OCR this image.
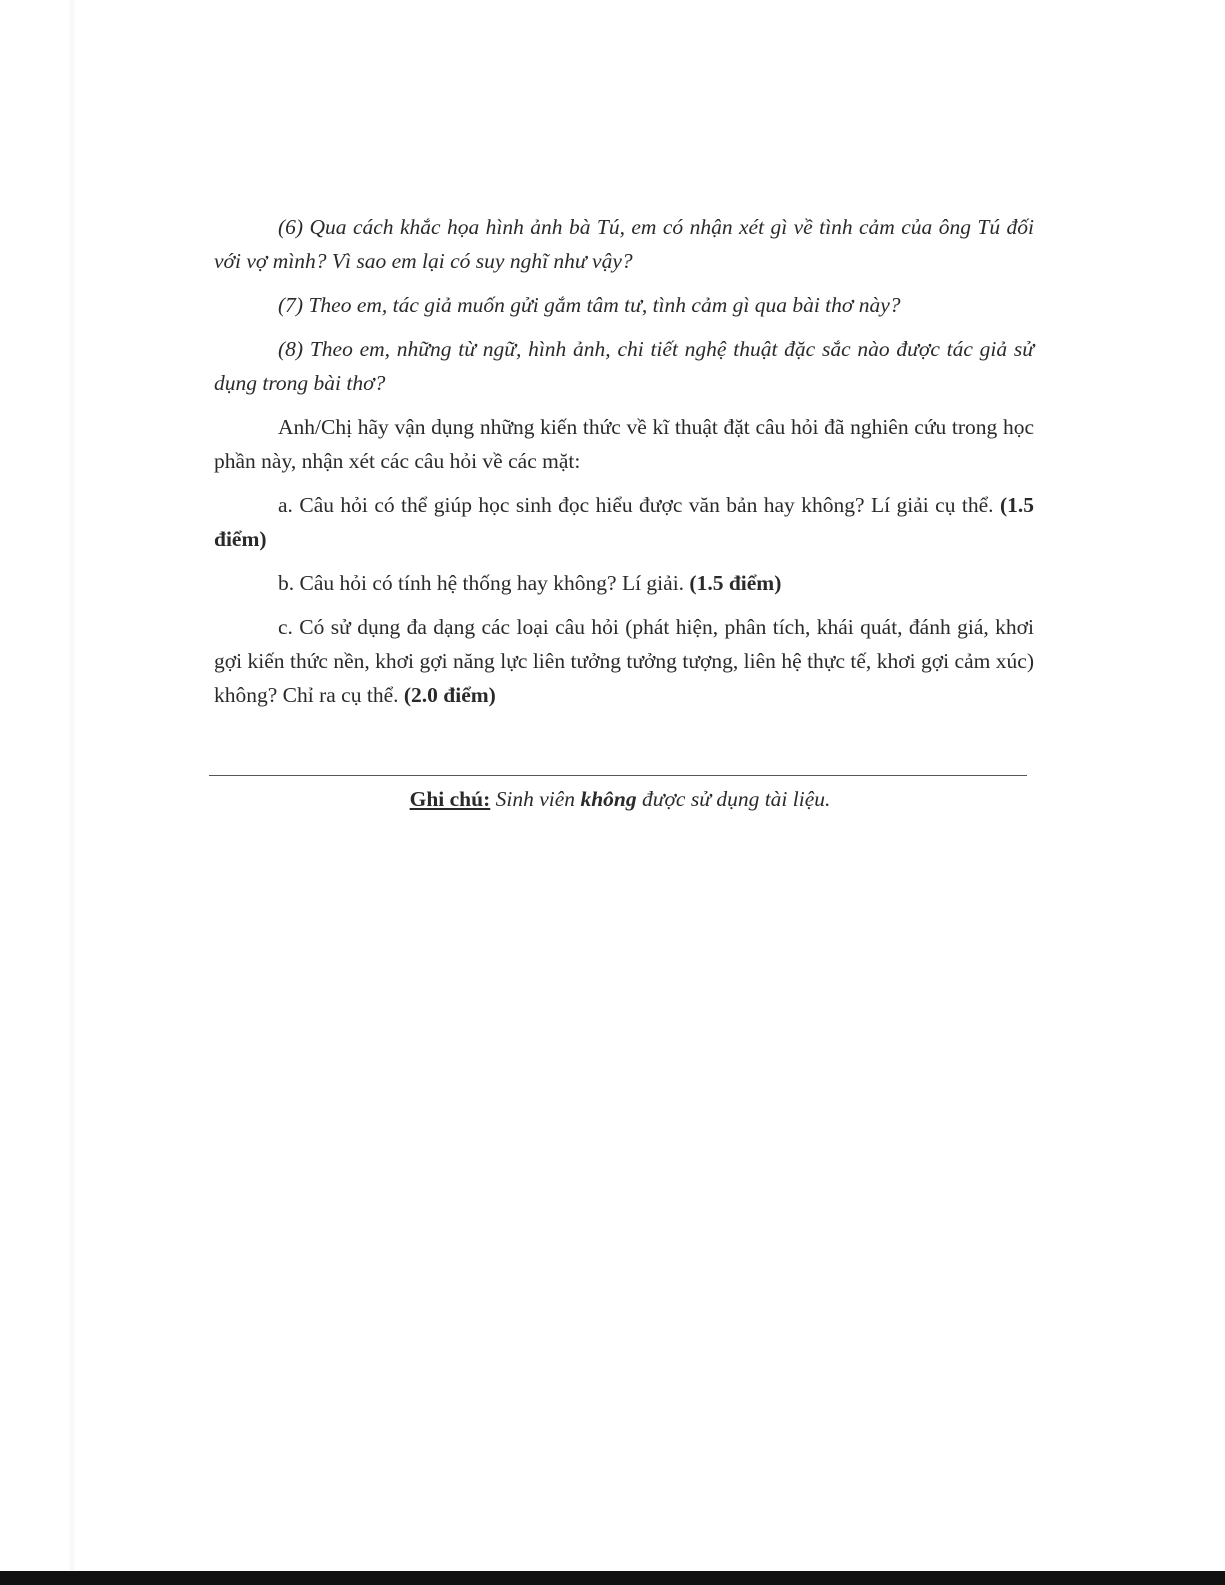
(6) Qua cách khắc họa hình ảnh bà Tú, em có nhận xét gì về tình cảm của ông Tú đối với vợ mình? Vì sao em lại có suy nghĩ như vậy?

(7) Theo em, tác giả muốn gửi gắm tâm tư, tình cảm gì qua bài thơ này?

(8) Theo em, những từ ngữ, hình ảnh, chi tiết nghệ thuật đặc sắc nào được tác giả sử dụng trong bài thơ?

Anh/Chị hãy vận dụng những kiến thức về kĩ thuật đặt câu hỏi đã nghiên cứu trong học phần này, nhận xét các câu hỏi về các mặt:

a. Câu hỏi có thể giúp học sinh đọc hiểu được văn bản hay không? Lí giải cụ thể. (1.5 điểm)

b. Câu hỏi có tính hệ thống hay không? Lí giải. (1.5 điểm)

c. Có sử dụng đa dạng các loại câu hỏi (phát hiện, phân tích, khái quát, đánh giá, khơi gợi kiến thức nền, khơi gợi năng lực liên tưởng tưởng tượng, liên hệ thực tế, khơi gợi cảm xúc) không? Chỉ ra cụ thể. (2.0 điểm)

Ghi chú: Sinh viên không được sử dụng tài liệu.
